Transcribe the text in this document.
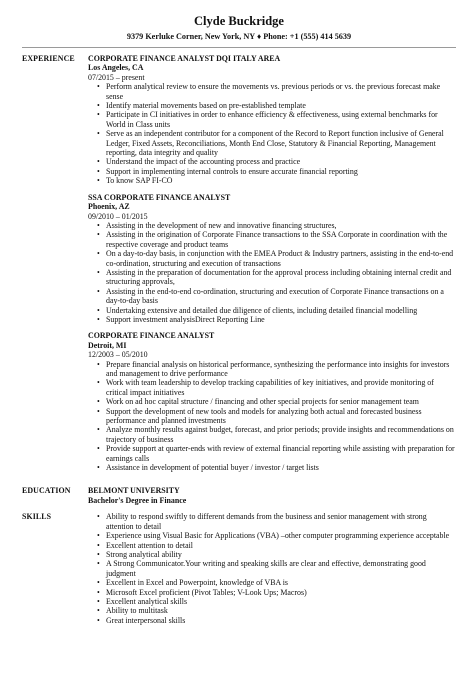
Clyde Buckridge
9379 Kerluke Corner, New York, NY ♦ Phone: +1 (555) 414 5639
EXPERIENCE	CORPORATE FINANCE ANALYST DQI ITALY AREA
Los Angeles, CA
07/2015 – present
• Perform analytical review to ensure the movements vs. previous periods or vs. the previous forecast make sense
• Identify material movements based on pre-established template
• Participate in CI initiatives in order to enhance efficiency & effectiveness, using external benchmarks for World in Class units
• Serve as an independent contributor for a component of the Record to Report function inclusive of General Ledger, Fixed Assets, Reconciliations, Month End Close, Statutory & Financial Reporting, Management reporting, data integrity and quality
• Understand the impact of the accounting process and practice
• Support in implementing internal controls to ensure accurate financial reporting
• To know SAP FI-CO
SSA CORPORATE FINANCE ANALYST
Phoenix, AZ
09/2010 – 01/2015
• Assisting in the development of new and innovative financing structures,
• Assisting in the origination of Corporate Finance transactions to the SSA Corporate in coordination with the respective coverage and product teams
• On a day-to-day basis, in conjunction with the EMEA Product & Industry partners, assisting in the end-to-end co-ordination, structuring and execution of transactions
• Assisting in the preparation of documentation for the approval process including obtaining internal credit and structuring approvals,
• Assisting in the end-to-end co-ordination, structuring and execution of Corporate Finance transactions on a day-to-day basis
• Undertaking extensive and detailed due diligence of clients, including detailed financial modelling
• Support investment analysisDirect Reporting Line
CORPORATE FINANCE ANALYST
Detroit, MI
12/2003 – 05/2010
• Prepare financial analysis on historical performance, synthesizing the performance into insights for investors and management to drive performance
• Work with team leadership to develop tracking capabilities of key initiatives, and provide monitoring of critical impact initiatives
• Work on ad hoc capital structure / financing and other special projects for senior management team
• Support the development of new tools and models for analyzing both actual and forecasted business performance and planned investments
• Analyze monthly results against budget, forecast, and prior periods; provide insights and recommendations on trajectory of business
• Provide support at quarter-ends with review of external financial reporting while assisting with preparation for earnings calls
• Assistance in development of potential buyer / investor / target lists
EDUCATION	BELMONT UNIVERSITY
Bachelor's Degree in Finance
SKILLS
•	Ability to respond swiftly to different demands from the business and senior management with strong attention to detail
• Experience using Visual Basic for Applications (VBA) –other computer programming experience acceptable
• Excellent attention to detail
• Strong analytical ability
• A Strong Communicator.Your writing and speaking skills are clear and effective, demonstrating good judgment
• Excellent in Excel and Powerpoint, knowledge of VBA is
• Microsoft Excel proficient (Pivot Tables; V-Look Ups; Macros)
• Excellent analytical skills
• Ability to multitask
• Great interpersonal skills
